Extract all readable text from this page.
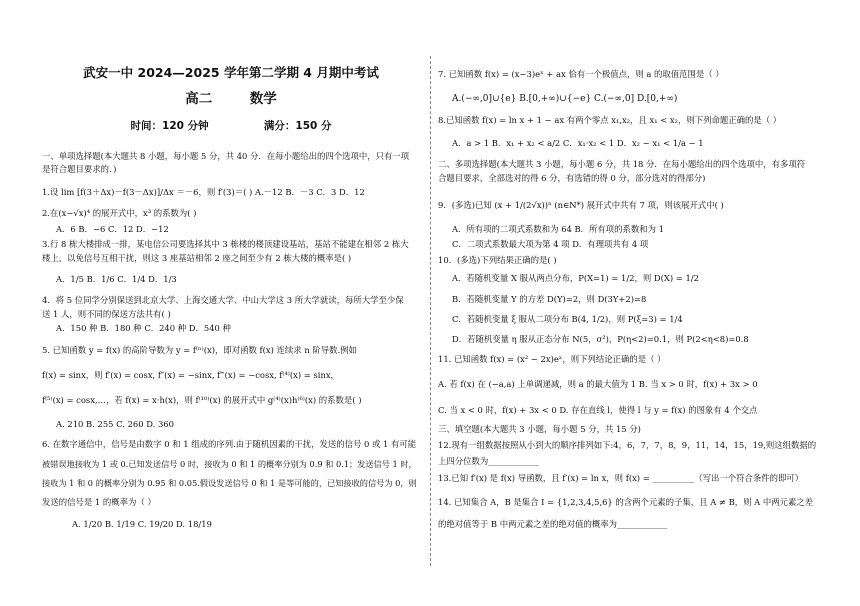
武安一中 2024—2025 学年第二学期 4 月期中考试
高二	数学
时间：120 分钟	满分：150 分
一、单项选择题(本大题共 8 小题，每小题 5 分，共 40 分．在每小题给出的四个选项中，只有一项
是符合题目要求的．)
1.设 lim [f(3＋Δx)－f(3－Δx)]/Δx ＝－6，则 f′(3)＝( ) A.－12 B．－3 C．3 D．12
2.在(x−√x)⁴ 的展开式中，x³ 的系数为( )
A．6 B．−6 C．12 D．−12
3.行 8 栋大楼排成一排，某电信公司要选择其中 3 栋楼的楼顶建设基站，基站不能建在相邻 2 栋大
楼上，以免信号互相干扰，则这 3 座基站相邻 2 座之间至少有 2 栋大楼的概率是( )
A．1/5 B．1/6 C．1/4 D．1/3
4．将 5 位同学分别保送到北京大学、上海交通大学、中山大学这 3 所大学就读，每所大学至少保
送 1 人，则不同的保送方法共有( )
A．150 种 B．180 种 C．240 种 D．540 种
5. 已知函数 y = f(x) 的高阶导数为 y = f⁽ⁿ⁾(x)，即对函数 f(x) 连续求 n 阶导数.例如
f(x) = sinx，则 f′(x) = cosx, f″(x) = −sinx, f‴(x) = −cosx, f⁽⁴⁾(x) = sinx，
f⁽⁵⁾(x) = cosx,…，若 f(x) = x·h(x)，则 f⁽¹⁰⁾(x) 的展开式中 g⁽⁴⁾(x)h⁽⁶⁾(x) 的系数是( )
A. 210 B. 255 C. 260 D. 360
6. 在数字通信中，信号是由数字 0 和 1 组成的序列.由于随机因素的干扰，发送的信号 0 或 1 有可能
被错误地接收为 1 或 0.已知发送信号 0 时，接收为 0 和 1 的概率分别为 0.9 和 0.1；发送信号 1 时，
接收为 1 和 0 的概率分别为 0.95 和 0.05.假设发送信号 0 和 1 是等可能的，已知接收的信号为 0，则
发送的信号是 1 的概率为（ ）
A. 1/20 B. 1/19 C. 19/20 D. 18/19
7. 已知函数 f(x) = (x−3)eˣ + ax 恰有一个极值点，则 a 的取值范围是（ ）
A.(−∞,0]∪{e} B.[0,+∞)∪{−e} C.(−∞,0] D.[0,+∞)
8.已知函数 f(x) = ln x + 1 − ax 有两个零点 x₁,x₂，且 x₁ < x₂，则下列命题正确的是（ ）
A．a > 1 B．x₁ + x₂ < a/2 C．x₁·x₂ < 1 D．x₂ − x₁ < 1/a − 1
二、多项选择题(本大题共 3 小题，每小题 6 分，共 18 分．在每小题给出的四个选项中，有多项符
合题目要求，全部选对的得 6 分，有选错的得 0 分，部分选对的得部分)
9．(多选)已知 (x + 1/(2√x))ⁿ (n∈N*) 展开式中共有 7 项，则该展开式中( )
A．所有项的二项式系数和为 64 B．所有项的系数和为 1
C．二项式系数最大项为第 4 项 D．有理项共有 4 项
10．(多选)下列结果正确的是( )
A．若随机变量 X 服从两点分布，P(X=1) = 1/2，则 D(X) = 1/2
B．若随机变量 Y 的方差 D(Y)=2，则 D(3Y+2)=8
C．若随机变量 ξ 服从二项分布 B(4, 1/2)，则 P(ξ=3) = 1/4
D．若随机变量 η 服从正态分布 N(5，σ²)，P(η<2)=0.1，则 P(2<η<8)=0.8
11. 已知函数 f(x) = (x² − 2x)eˣ，则下列结论正确的是（ ）
A. 若 f(x) 在 (−a,a) 上单调递减，则 a 的最大值为 1 B. 当 x > 0 时，f(x) + 3x > 0
C. 当 x < 0 时，f(x) + 3x < 0 D. 存在直线 l，使得 l 与 y = f(x) 的图象有 4 个交点
三、填空题(本大题共 3 小题，每小题 5 分，共 15 分)
12.现有一组数据按照从小到大的顺序排列如下:4，6，7，7，8，9，11，14，15，19,则这组数据的
上四分位数为____________
13.已知 f′(x) 是 f(x) 导函数，且 f′(x) = ln x，则 f(x) = __________（写出一个符合条件的即可）
14. 已知集合 A，B 是集合 I = {1,2,3,4,5,6} 的含两个元素的子集，且 A ≠ B，则 A 中两元素之差
的绝对值等于 B 中两元素之差的绝对值的概率为____________
